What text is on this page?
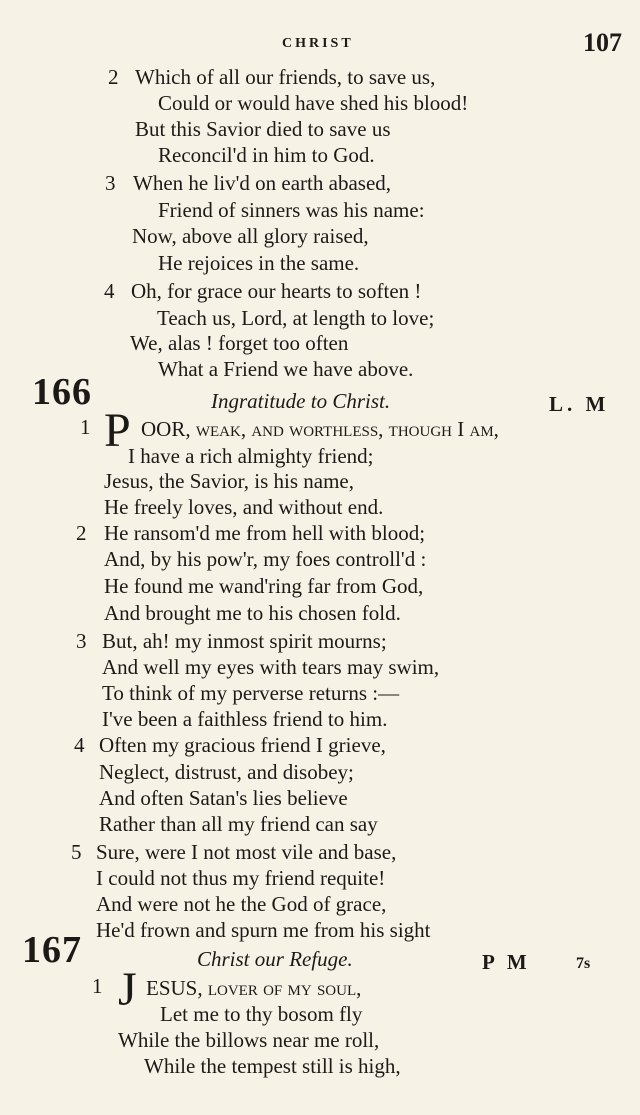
CHRIST	107
2 Which of all our friends, to save us,
Could or would have shed his blood!
But this Savior died to save us
Reconcil'd in him to God.
3 When he liv'd on earth abased,
Friend of sinners was his name:
Now, above all glory raised,
He rejoices in the same.
4 Oh, for grace our hearts to soften !
Teach us, Lord, at length to love;
We, alas ! forget too often
What a Friend we have above.
166	Ingratitude to Christ.	L. M
1 P OOR, weak, and worthless, though I am,
I have a rich almighty friend;
Jesus, the Savior, is his name,
He freely loves, and without end.
2 He ransom'd me from hell with blood;
And, by his pow'r, my foes controll'd :
He found me wand'ring far from God,
And brought me to his chosen fold.
3 But, ah! my inmost spirit mourns;
And well my eyes with tears may swim,
To think of my perverse returns :—
I've been a faithless friend to him.
4 Often my gracious friend I grieve,
Neglect, distrust, and disobey;
And often Satan's lies believe
Rather than all my friend can say
5 Sure, were I not most vile and base,
I could not thus my friend requite!
And were not he the God of grace,
He'd frown and spurn me from his sight
167	Christ our Refuge.	P M	7s
1 J ESUS, lover of my soul,
Let me to thy bosom fly
While the billows near me roll,
While the tempest still is high,
